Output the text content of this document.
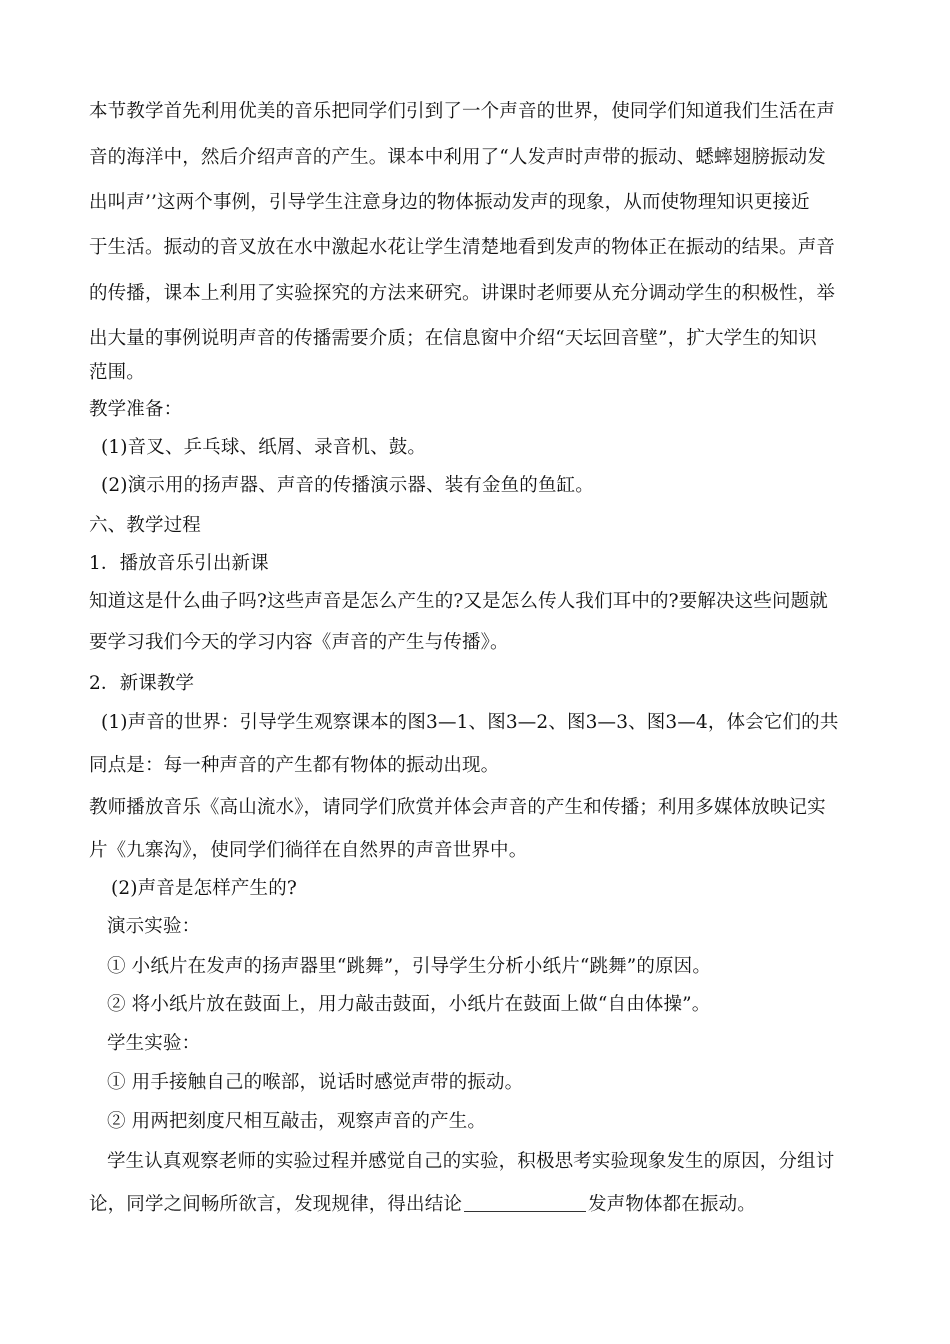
本节教学首先利用优美的音乐把同学们引到了一个声音的世界，使同学们知道我们生活在声
音的海洋中，然后介绍声音的产生。课本中利用了“人发声时声带的振动、蟋蟀翅膀振动发
出叫声’’这两个事例，引导学生注意身边的物体振动发声的现象，从而使物理知识更接近
于生活。振动的音叉放在水中激起水花让学生清楚地看到发声的物体正在振动的结果。声音
的传播，课本上利用了实验探究的方法来研究。讲课时老师要从充分调动学生的积极性，举
出大量的事例说明声音的传播需要介质；在信息窗中介绍“天坛回音壁”，扩大学生的知识
范围。
教学准备：
(1)音叉、乒乓球、纸屑、录音机、鼓。
(2)演示用的扬声器、声音的传播演示器、装有金鱼的鱼缸。
六、教学过程
1．播放音乐引出新课
知道这是什么曲子吗?这些声音是怎么产生的?又是怎么传人我们耳中的?要解决这些问题就
要学习我们今天的学习内容《声音的产生与传播》。
2．新课教学
(1)声音的世界：引导学生观察课本的图3—1、图3—2、图3—3、图3—4，体会它们的共
同点是：每一种声音的产生都有物体的振动出现。
教师播放音乐《高山流水》，请同学们欣赏并体会声音的产生和传播；利用多媒体放映记实
片《九寨沟》，使同学们徜徉在自然界的声音世界中。
(2)声音是怎样产生的?
演示实验：
① 小纸片在发声的扬声器里“跳舞”，引导学生分析小纸片“跳舞”的原因。
② 将小纸片放在鼓面上，用力敲击鼓面，小纸片在鼓面上做“自由体操”。
学生实验：
① 用手接触自己的喉部，说话时感觉声带的振动。
② 用两把刻度尺相互敲击，观察声音的产生。
学生认真观察老师的实验过程并感觉自己的实验，积极思考实验现象发生的原因，分组讨
论，同学之间畅所欲言，发现规律，得出结论	发声物体都在振动。
